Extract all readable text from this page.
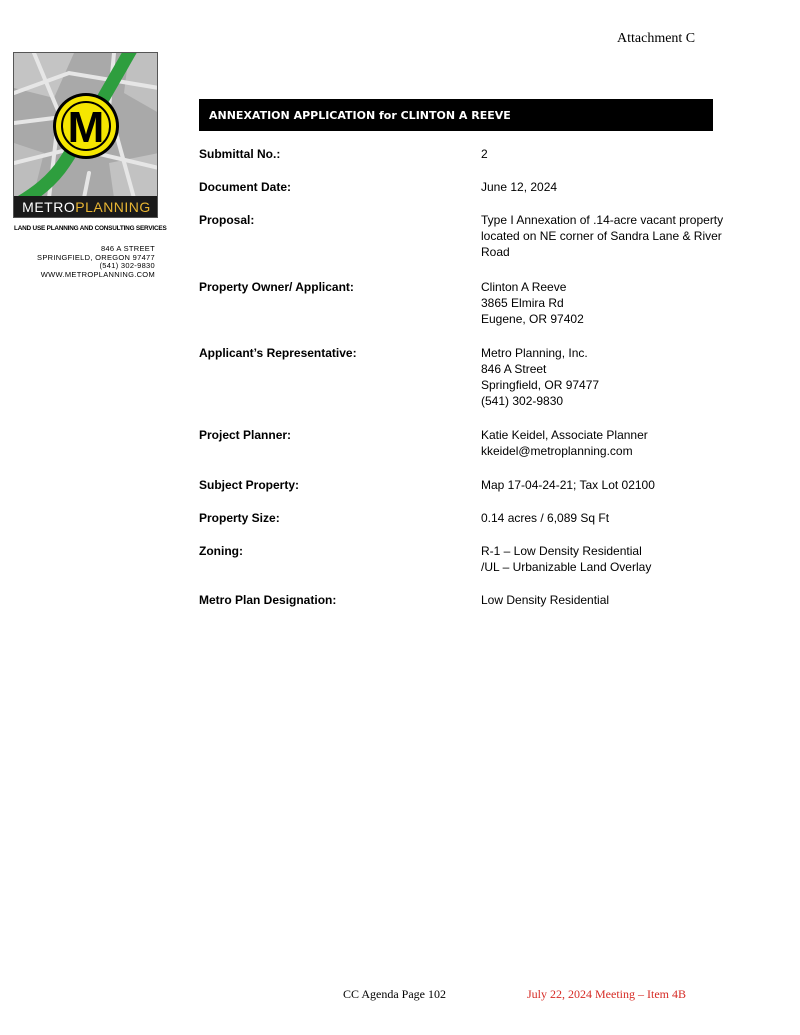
Attachment C
M
METRO PLANNING
LAND USE PLANNING AND CONSULTING SERVICES
846 A STREET
SPRINGFIELD, OREGON 97477
(541) 302-9830
WWW.METROPLANNING.COM
ANNEXATION APPLICATION for CLINTON A REEVE
Submittal No.:	2
Document Date:	June 12, 2024
Proposal:	Type I Annexation of .14-acre vacant property
located on NE corner of Sandra Lane & River
Road
Property Owner/ Applicant:	Clinton A Reeve
3865 Elmira Rd
Eugene, OR 97402
Applicant’s Representative:	Metro Planning, Inc.
846 A Street
Springfield, OR 97477
(541) 302-9830
Project Planner:	Katie Keidel, Associate Planner
kkeidel@metroplanning.com
Subject Property:	Map 17-04-24-21; Tax Lot 02100
Property Size:	0.14 acres / 6,089 Sq Ft
Zoning:	R-1 – Low Density Residential
/UL – Urbanizable Land Overlay
Metro Plan Designation:	Low Density Residential
CC Agenda Page 102	July 22, 2024 Meeting – Item 4B
